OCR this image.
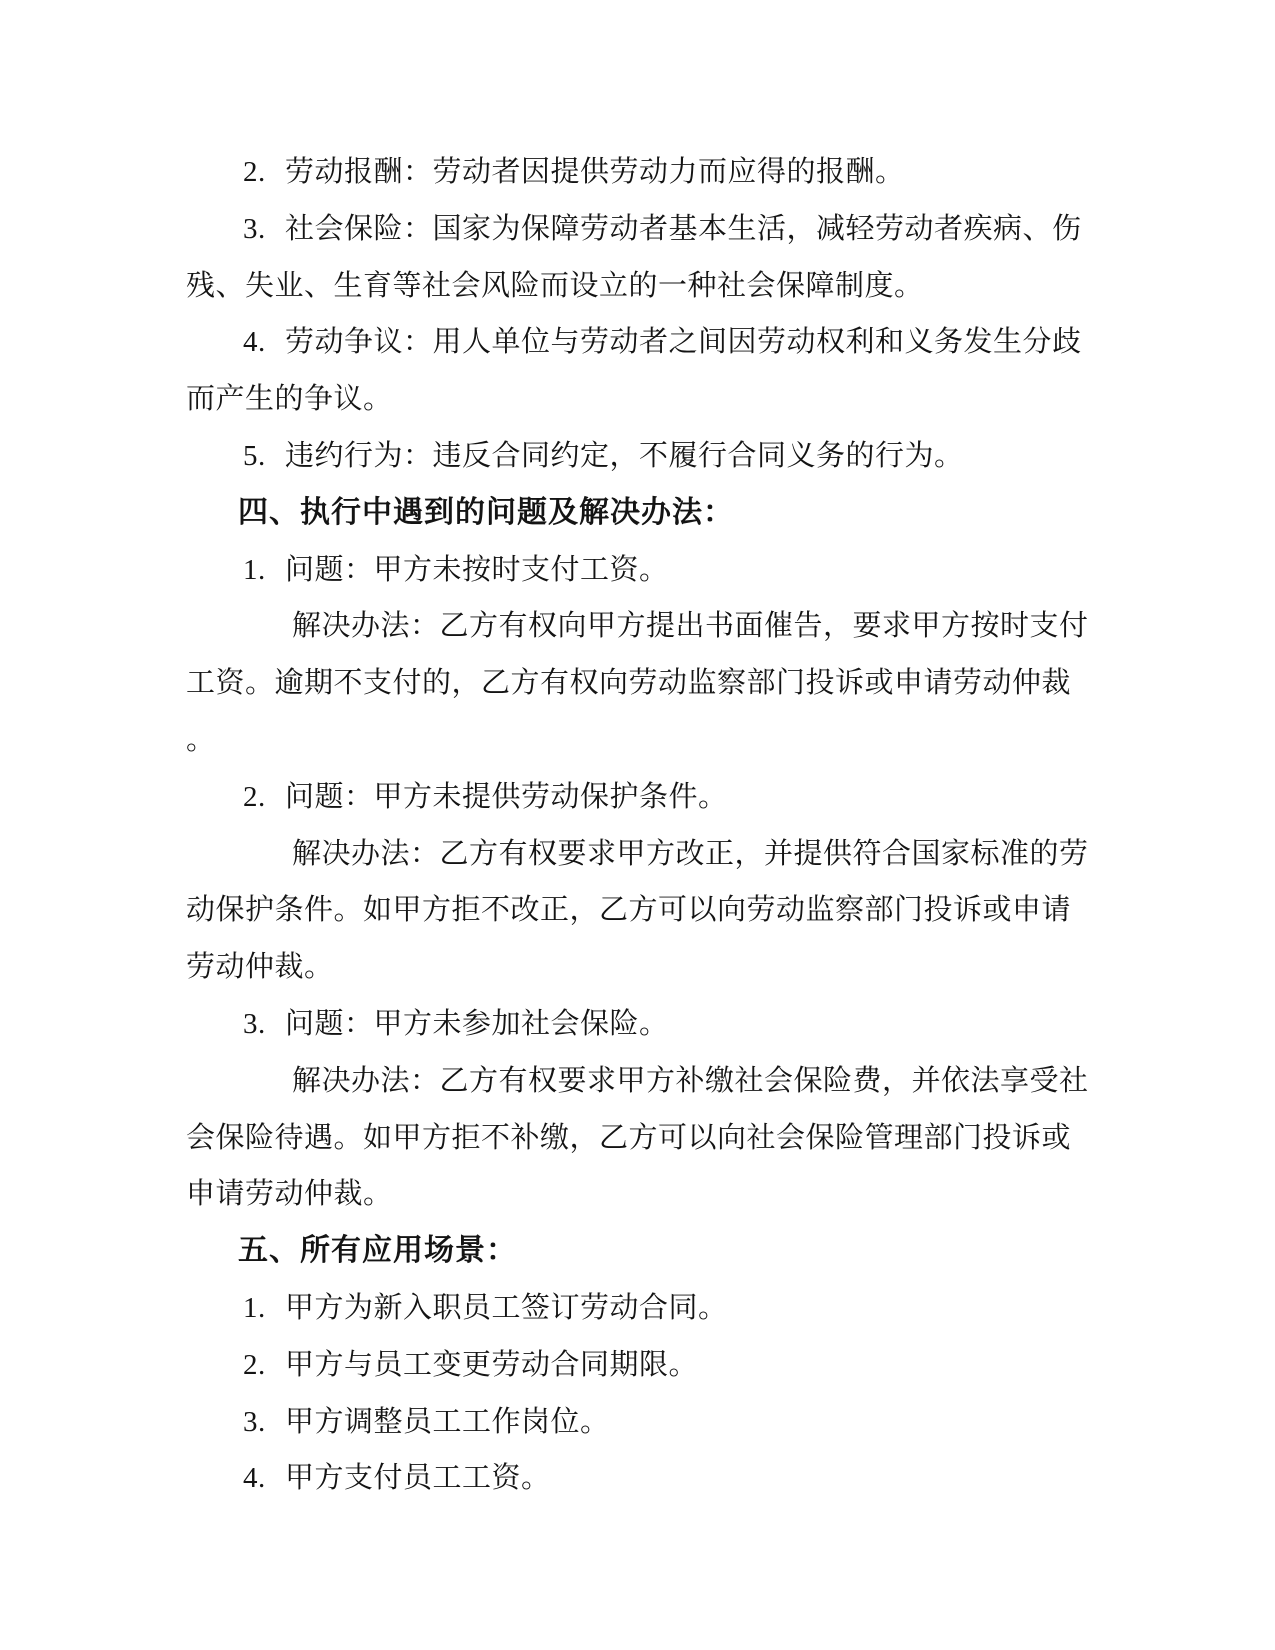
2. 劳动报酬：劳动者因提供劳动力而应得的报酬。
3. 社会保险：国家为保障劳动者基本生活，减轻劳动者疾病、伤
残、失业、生育等社会风险而设立的一种社会保障制度。
4. 劳动争议：用人单位与劳动者之间因劳动权利和义务发生分歧
而产生的争议。
5. 违约行为：违反合同约定，不履行合同义务的行为。
四、执行中遇到的问题及解决办法：
1. 问题：甲方未按时支付工资。
解决办法：乙方有权向甲方提出书面催告，要求甲方按时支付
工资。逾期不支付的，乙方有权向劳动监察部门投诉或申请劳动仲裁
。
2. 问题：甲方未提供劳动保护条件。
解决办法：乙方有权要求甲方改正，并提供符合国家标准的劳
动保护条件。如甲方拒不改正，乙方可以向劳动监察部门投诉或申请
劳动仲裁。
3. 问题：甲方未参加社会保险。
解决办法：乙方有权要求甲方补缴社会保险费，并依法享受社
会保险待遇。如甲方拒不补缴，乙方可以向社会保险管理部门投诉或
申请劳动仲裁。
五、所有应用场景：
1. 甲方为新入职员工签订劳动合同。
2. 甲方与员工变更劳动合同期限。
3. 甲方调整员工工作岗位。
4. 甲方支付员工工资。
